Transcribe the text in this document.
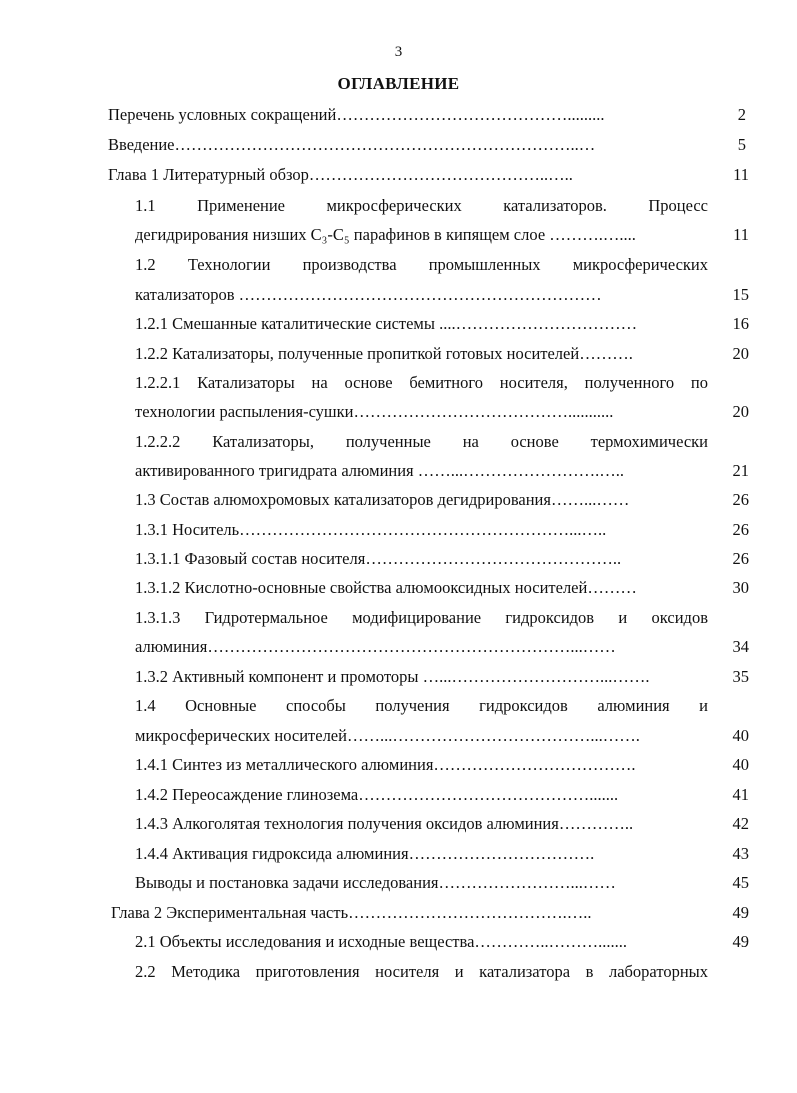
3
ОГЛАВЛЕНИЕ
Перечень условных сокращений…………………………………….........	2
Введение………………………………………………………………..…	5
Глава 1 Литературный обзор……………………………………..…..	11
1.1 Применение микросферических катализаторов. Процесс
дегидрирования низших С₃-С₅ парафинов в кипящем слое ……….…....	11
1.2 Технологии производства промышленных микросферических
катализаторов …………………………………………………………	15
1.2.1 Смешанные каталитические системы ....……………………………	16
1.2.2 Катализаторы, полученные пропиткой готовых носителей……….	20
1.2.2.1 Катализаторы на основе бемитного носителя, полученного по
технологии распыления-сушки…………………………………...........	20
1.2.2.2 Катализаторы, полученные на основе термохимически
активированного тригидрата алюминия ……...…………………….…..	21
1.3 Состав алюмохромовых катализаторов дегидрирования……...……	26
1.3.1 Носитель……………………………………………………...…..	26
1.3.1.1 Фазовый состав носителя………………………………………..	26
1.3.1.2 Кислотно-основные свойства алюмооксидных носителей………	30
1.3.1.3 Гидротермальное модифицирование гидроксидов и оксидов
алюминия…………………………………………………………...……	34
1.3.2 Активный компонент и промоторы …...………………………...…….	35
1.4 Основные способы получения гидроксидов алюминия и
микросферических носителей……...………………………………...…….	40
1.4.1 Синтез из металлического алюминия……………………………….	40
1.4.2 Переосаждение глинозема…………………………………….......	41
1.4.3 Алкоголятая технология получения оксидов алюминия…………..	42
1.4.4 Активация гидроксида алюминия…………………………….	43
Выводы и постановка задачи исследования……………………...……	45
Глава 2 Экспериментальная часть………………………………….…..	49
2.1 Объекты исследования и исходные вещества…………..……….......	49
2.2 Методика приготовления носителя и катализатора в лабораторных
